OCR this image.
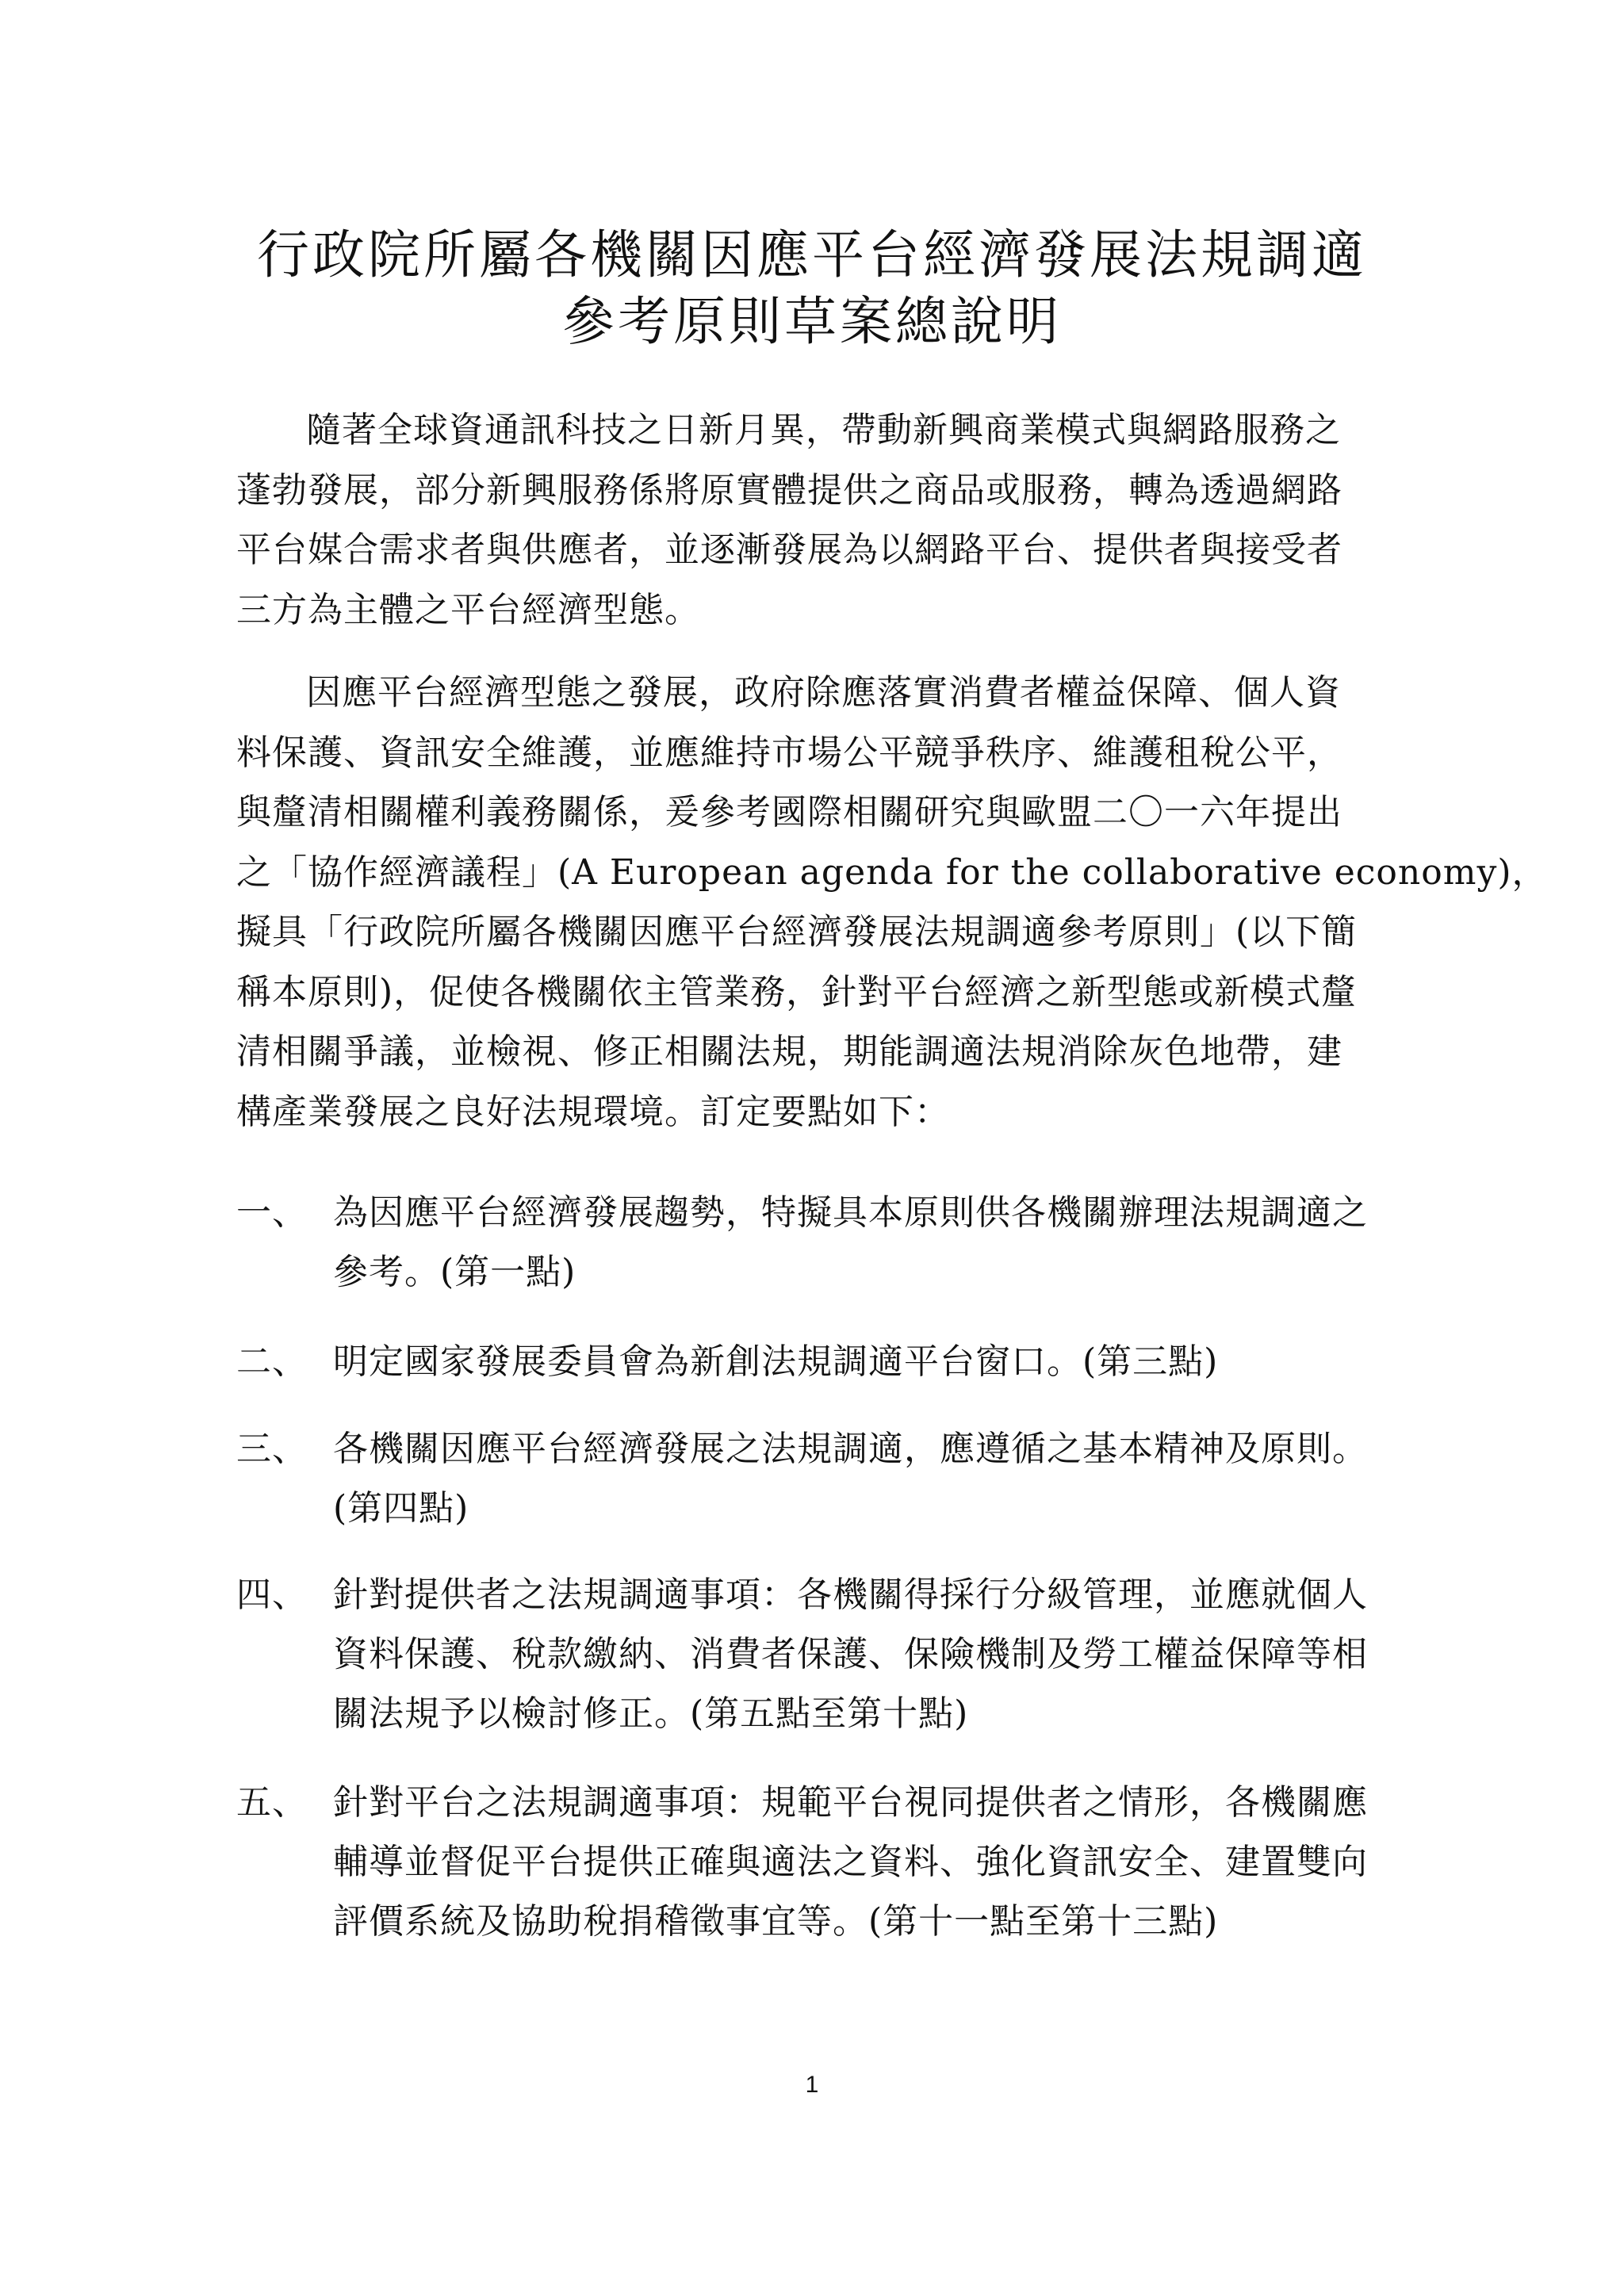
行政院所屬各機關因應平台經濟發展法規調適
參考原則草案總說明
隨著全球資通訊科技之日新月異，帶動新興商業模式與網路服務之
蓬勃發展，部分新興服務係將原實體提供之商品或服務，轉為透過網路
平台媒合需求者與供應者，並逐漸發展為以網路平台、提供者與接受者
三方為主體之平台經濟型態。
因應平台經濟型態之發展，政府除應落實消費者權益保障、個人資
料保護、資訊安全維護，並應維持市場公平競爭秩序、維護租稅公平，
與釐清相關權利義務關係，爰參考國際相關研究與歐盟二〇一六年提出
之「協作經濟議程」(A European agenda for the collaborative economy)，
擬具「行政院所屬各機關因應平台經濟發展法規調適參考原則」(以下簡
稱本原則)，促使各機關依主管業務，針對平台經濟之新型態或新模式釐
清相關爭議，並檢視、修正相關法規，期能調適法規消除灰色地帶，建
構產業發展之良好法規環境。訂定要點如下：
一、 為因應平台經濟發展趨勢，特擬具本原則供各機關辦理法規調適之
參考。(第一點)
二、 明定國家發展委員會為新創法規調適平台窗口。(第三點)
三、 各機關因應平台經濟發展之法規調適，應遵循之基本精神及原則。
(第四點)
四、 針對提供者之法規調適事項：各機關得採行分級管理，並應就個人
資料保護、稅款繳納、消費者保護、保險機制及勞工權益保障等相
關法規予以檢討修正。(第五點至第十點)
五、 針對平台之法規調適事項：規範平台視同提供者之情形，各機關應
輔導並督促平台提供正確與適法之資料、強化資訊安全、建置雙向
評價系統及協助稅捐稽徵事宜等。(第十一點至第十三點)
1
